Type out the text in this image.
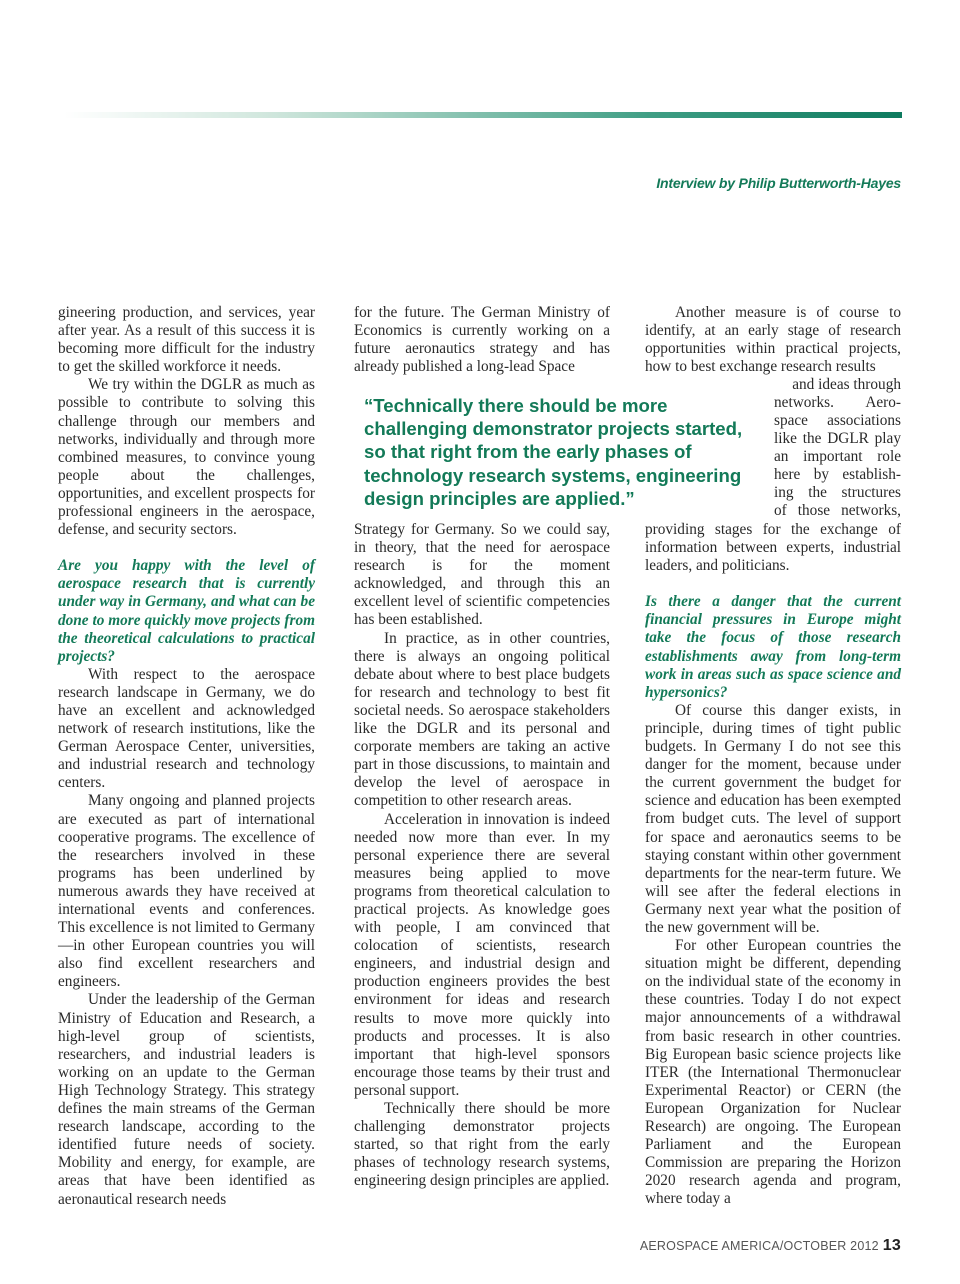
Interview by Philip Butterworth-Hayes

gineering production, and services, year after year. As a result of this success it is becoming more difficult for the industry to get the skilled workforce it needs.

We try within the DGLR as much as possible to contribute to solving this challenge through our members and networks, individually and through more combined measures, to convince young people about the challenges, opportunities, and excellent prospects for professional engineers in the aerospace, defense, and security sectors.

Are you happy with the level of aerospace research that is currently under way in Germany, and what can be done to more quickly move projects from the theoretical calculations to practical projects?

With respect to the aerospace research landscape in Germany, we do have an excellent and acknowledged network of research institutions, like the German Aerospace Center, universities, and industrial research and technology centers.

Many ongoing and planned projects are executed as part of international cooperative programs. The excellence of the researchers involved in these programs has been underlined by numerous awards they have received at international events and conferences. This excellence is not limited to Germany—in other European countries you will also find excellent researchers and engineers.

Under the leadership of the German Ministry of Education and Research, a high-level group of scientists, researchers, and industrial leaders is working on an update to the German High Technology Strategy. This strategy defines the main streams of the German research landscape, according to the identified future needs of society. Mobility and energy, for example, are areas that have been identified as aeronautical research needs

for the future. The German Ministry of Economics is currently working on a future aeronautics strategy and has already published a long-lead Space

“Technically there should be more challenging demonstrator projects started, so that right from the early phases of technology research systems, engineering design principles are applied.”

Strategy for Germany. So we could say, in theory, that the need for aerospace research is for the moment acknowledged, and through this an excellent level of scientific competencies has been established.

In practice, as in other countries, there is always an ongoing political debate about where to best place budgets for research and technology to best fit societal needs. So aerospace stakeholders like the DGLR and its personal and corporate members are taking an active part in those discussions, to maintain and develop the level of aerospace in competition to other research areas.

Acceleration in innovation is indeed needed now more than ever. In my personal experience there are several measures being applied to move programs from theoretical calculation to practical projects. As knowledge goes with people, I am convinced that colocation of scientists, research engineers, and industrial design and production engineers provides the best environment for ideas and research results to move more quickly into products and processes. It is also important that high-level sponsors encourage those teams by their trust and personal support.

Technically there should be more challenging demonstrator projects started, so that right from the early phases of technology research systems, engineering design principles are applied.

Another measure is of course to identify, at an early stage of research opportunities within practical projects, how to best exchange research results

and ideas through
networks. Aero-
space associations
like the DGLR play
an important role
here by establish-
ing the structures
of those networks,

providing stages for the exchange of information between experts, industrial leaders, and politicians.

Is there a danger that the current financial pressures in Europe might take the focus of those research establishments away from long-term work in areas such as space science and hypersonics?

Of course this danger exists, in principle, during times of tight public budgets. In Germany I do not see this danger for the moment, because under the current government the budget for science and education has been exempted from budget cuts. The level of support for space and aeronautics seems to be staying constant within other government departments for the near-term future. We will see after the federal elections in Germany next year what the position of the new government will be.

For other European countries the situation might be different, depending on the individual state of the economy in these countries. Today I do not expect major announcements of a withdrawal from basic research in other countries. Big European basic science projects like ITER (the International Thermonuclear Experimental Reactor) or CERN (the European Organization for Nuclear Research) are ongoing. The European Parliament and the European Commission are preparing the Horizon 2020 research agenda and program, where today a

AEROSPACE AMERICA/OCTOBER 2012 13
